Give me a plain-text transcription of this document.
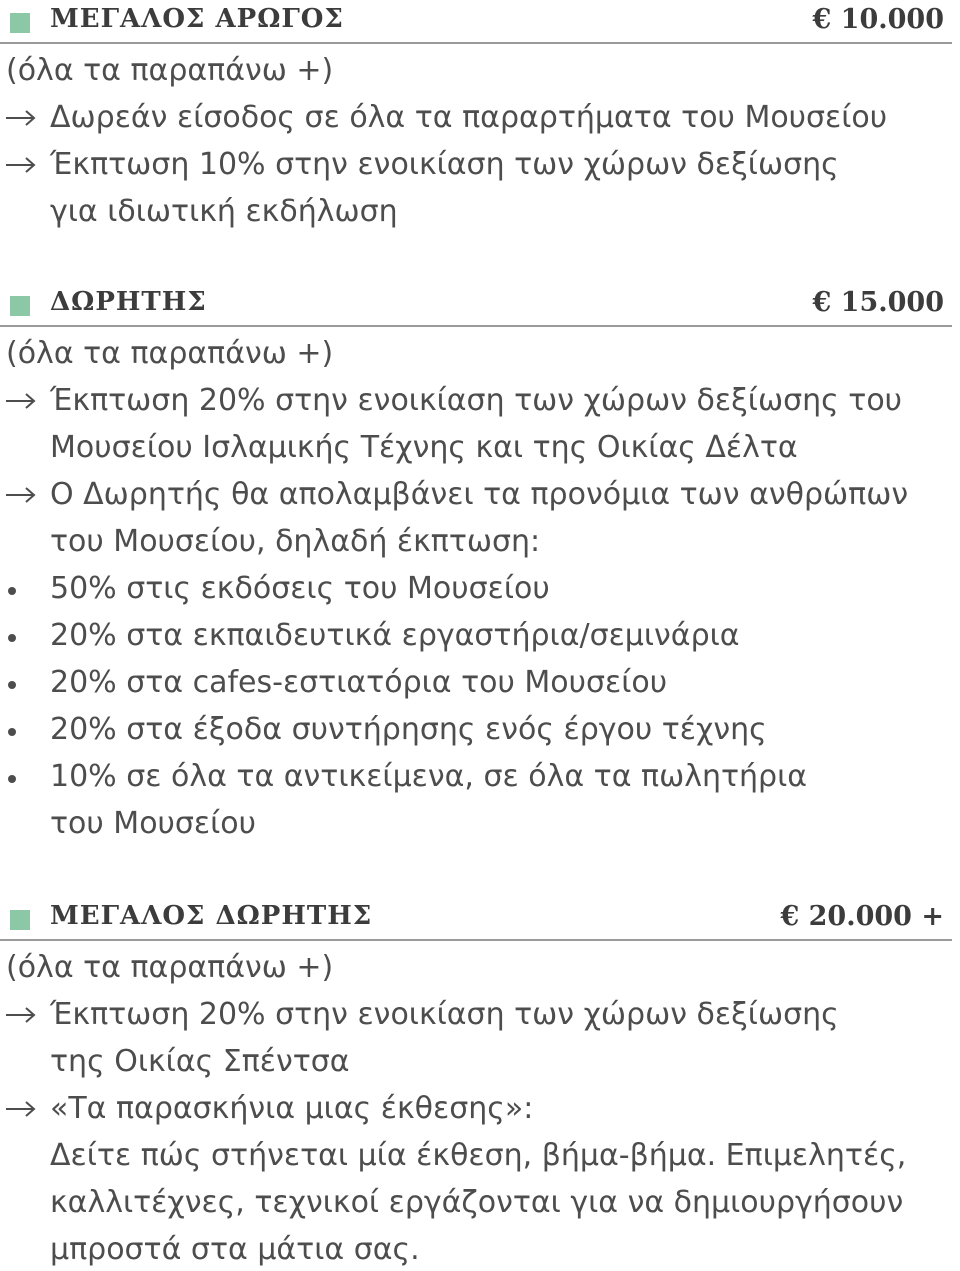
ΜΕΓΑΛΟΣ ΑΡΩΓΟΣ	€ 10.000
(όλα τα παραπάνω +)
Δωρεάν είσοδος σε όλα τα παραρτήματα του Μουσείου
Έκπτωση 10% στην ενοικίαση των χώρων δεξίωσης
για ιδιωτική εκδήλωση
ΔΩΡΗΤΗΣ	€ 15.000
(όλα τα παραπάνω +)
Έκπτωση 20% στην ενοικίαση των χώρων δεξίωσης του
Μουσείου Ισλαμικής Τέχνης και της Οικίας Δέλτα
Ο Δωρητής θα απολαμβάνει τα προνόμια των ανθρώπων
του Μουσείου, δηλαδή έκπτωση:
50% στις εκδόσεις του Μουσείου
20% στα εκπαιδευτικά εργαστήρια/σεμινάρια
20% στα cafes-εστιατόρια του Μουσείου
20% στα έξοδα συντήρησης ενός έργου τέχνης
10% σε όλα τα αντικείμενα, σε όλα τα πωλητήρια
του Μουσείου
ΜΕΓΑΛΟΣ ΔΩΡΗΤΗΣ	€ 20.000 +
(όλα τα παραπάνω +)
Έκπτωση 20% στην ενοικίαση των χώρων δεξίωσης
της Οικίας Σπέντσα
«Τα παρασκήνια μιας έκθεσης»:
Δείτε πώς στήνεται μία έκθεση, βήμα-βήμα. Επιμελητές,
καλλιτέχνες, τεχνικοί εργάζονται για να δημιουργήσουν
μπροστά στα μάτια σας.
